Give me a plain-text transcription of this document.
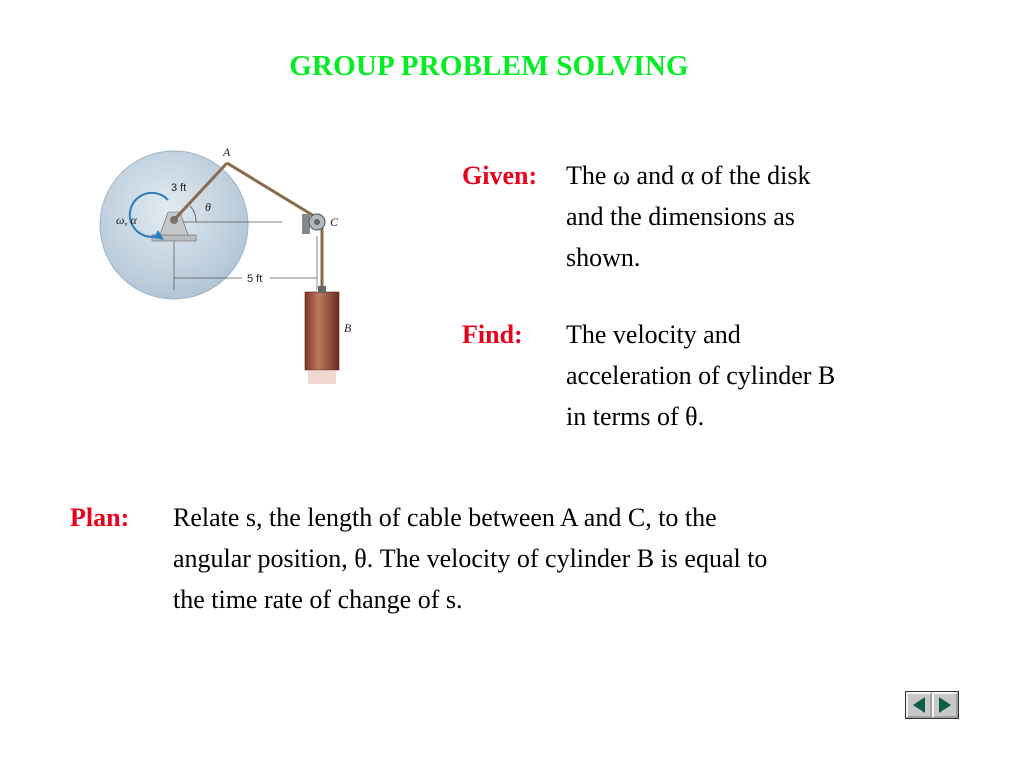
GROUP PROBLEM SOLVING
A
3 ft
θ
ω, α	C
5 ft
B
Given: The ω and α of the disk
and the dimensions as
shown.
Find: The velocity and
acceleration of cylinder B
in terms of θ.
Plan: Relate s, the length of cable between A and C, to the
angular position, θ. The velocity of cylinder B is equal to
the time rate of change of s.
